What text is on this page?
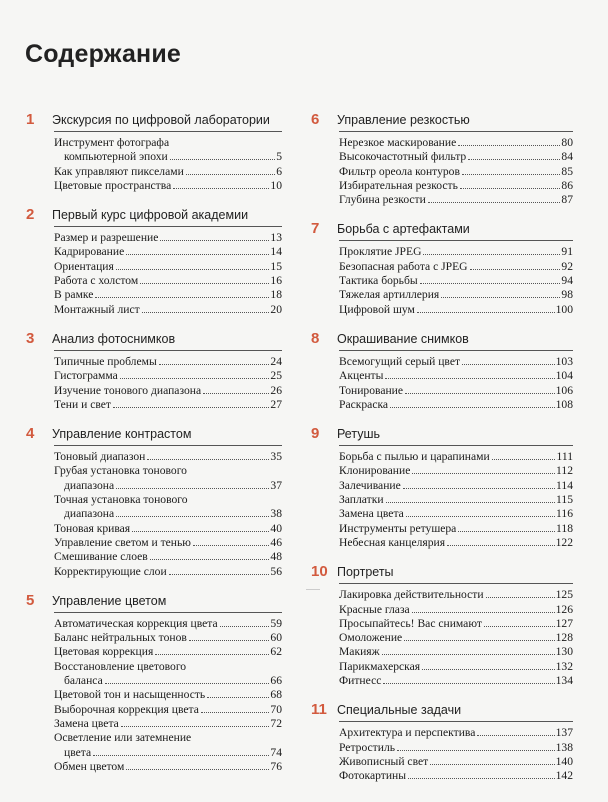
Содержание
1	Экскурсия по цифровой лаборатории
Инструмент фотографа
компьютерной эпохи	5
Как управляют пикселами	6
Цветовые пространства	10
2	Первый курс цифровой академии
Размер и разрешение	13
Кадрирование	14
Ориентация	15
Работа с холстом	16
В рамке	18
Монтажный лист	20
3	Анализ фотоснимков
Типичные проблемы	24
Гистограмма	25
Изучение тонового диапазона	26
Тени и свет	27
4	Управление контрастом
Тоновый диапазон	35
Грубая установка тонового
диапазона	37
Точная установка тонового
диапазона	38
Тоновая кривая	40
Управление светом и тенью	46
Смешивание слоев	48
Корректирующие слои	56
5	Управление цветом
Автоматическая коррекция цвета	59
Баланс нейтральных тонов	60
Цветовая коррекция	62
Восстановление цветового
баланса	66
Цветовой тон и насыщенность	68
Выборочная коррекция цвета	70
Замена цвета	72
Осветление или затемнение
цвета	74
Обмен цветом	76
6	Управление резкостью
Нерезкое маскирование	80
Высокочастотный фильтр	84
Фильтр ореола контуров	85
Избирательная резкость	86
Глубина резкости	87
7	Борьба с артефактами
Проклятие JPEG	91
Безопасная работа с JPEG	92
Тактика борьбы	94
Тяжелая артиллерия	98
Цифровой шум	100
8	Окрашивание снимков
Всемогущий серый цвет	103
Акценты	104
Тонирование	106
Раскраска	108
9	Ретушь
Борьба с пылью и царапинами	111
Клонирование	112
Залечивание	114
Заплатки	115
Замена цвета	116
Инструменты ретушера	118
Небесная канцелярия	122
10 Портреты
Лакировка действительности	125
Красные глаза	126
Просыпайтесь! Вас снимают	127
Омоложение	128
Макияж	130
Парикмахерская	132
Фитнесс	134
11 Специальные задачи
Архитектура и перспектива	137
Ретростиль	138
Живописный свет	140
Фотокартины	142
